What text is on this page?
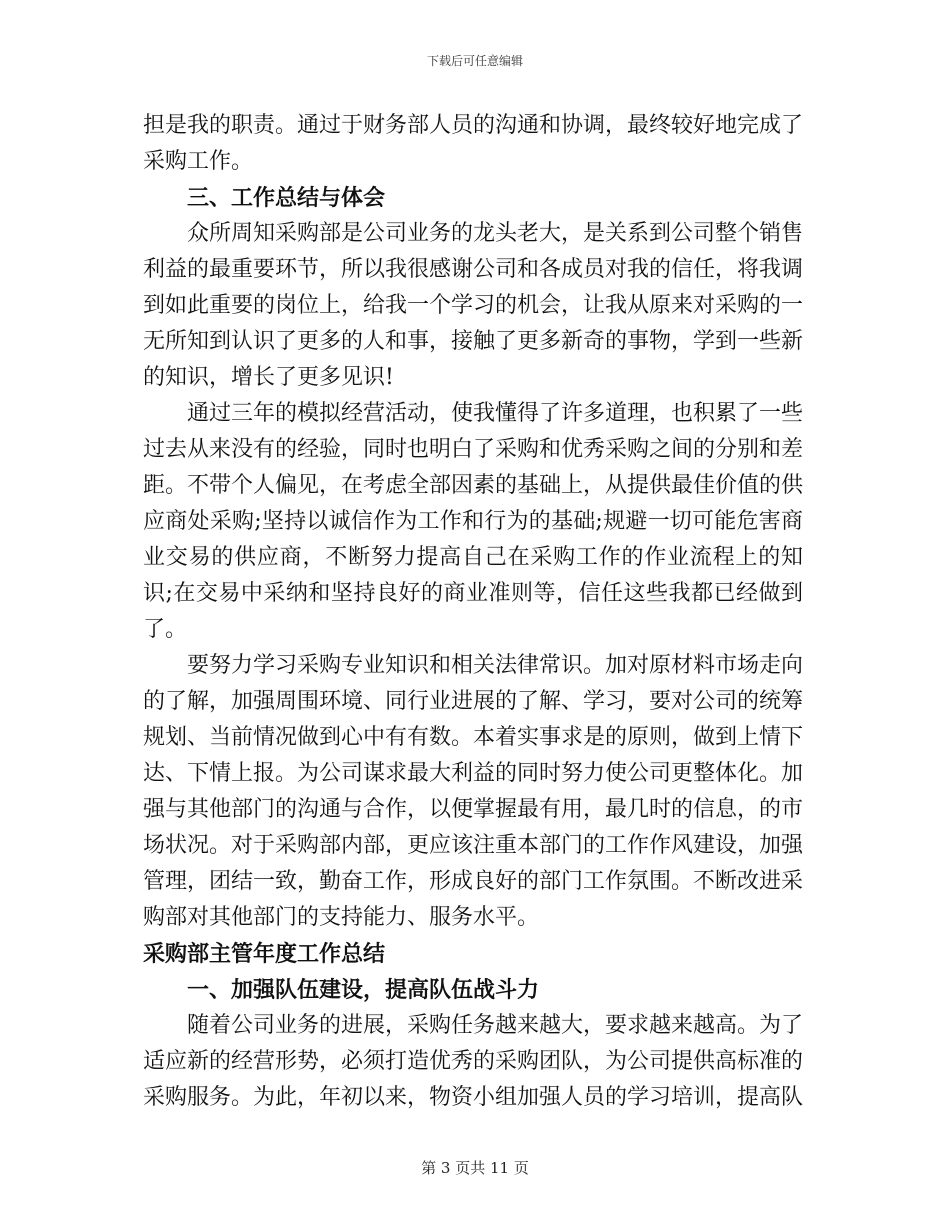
下载后可任意编辑

担是我的职责。通过于财务部人员的沟通和协调，最终较好地完成了采购工作。

三、工作总结与体会

众所周知采购部是公司业务的龙头老大，是关系到公司整个销售利益的最重要环节，所以我很感谢公司和各成员对我的信任，将我调到如此重要的岗位上，给我一个学习的机会，让我从原来对采购的一无所知到认识了更多的人和事，接触了更多新奇的事物，学到一些新的知识，增长了更多见识!

通过三年的模拟经营活动，使我懂得了许多道理，也积累了一些过去从来没有的经验，同时也明白了采购和优秀采购之间的分别和差距。不带个人偏见，在考虑全部因素的基础上，从提供最佳价值的供应商处采购;坚持以诚信作为工作和行为的基础;规避一切可能危害商业交易的供应商，不断努力提高自己在采购工作的作业流程上的知识;在交易中采纳和坚持良好的商业准则等，信任这些我都已经做到了。

要努力学习采购专业知识和相关法律常识。加对原材料市场走向的了解，加强周围环境、同行业进展的了解、学习，要对公司的统筹规划、当前情况做到心中有有数。本着实事求是的原则，做到上情下达、下情上报。为公司谋求最大利益的同时努力使公司更整体化。加强与其他部门的沟通与合作，以便掌握最有用，最几时的信息，的市场状况。对于采购部内部，更应该注重本部门的工作作风建设，加强管理，团结一致，勤奋工作，形成良好的部门工作氛围。不断改进采购部对其他部门的支持能力、服务水平。

采购部主管年度工作总结

一、加强队伍建设，提高队伍战斗力

随着公司业务的进展，采购任务越来越大，要求越来越高。为了适应新的经营形势，必须打造优秀的采购团队，为公司提供高标准的采购服务。为此，年初以来，物资小组加强人员的学习培训，提高队

第 3 页共 11 页
